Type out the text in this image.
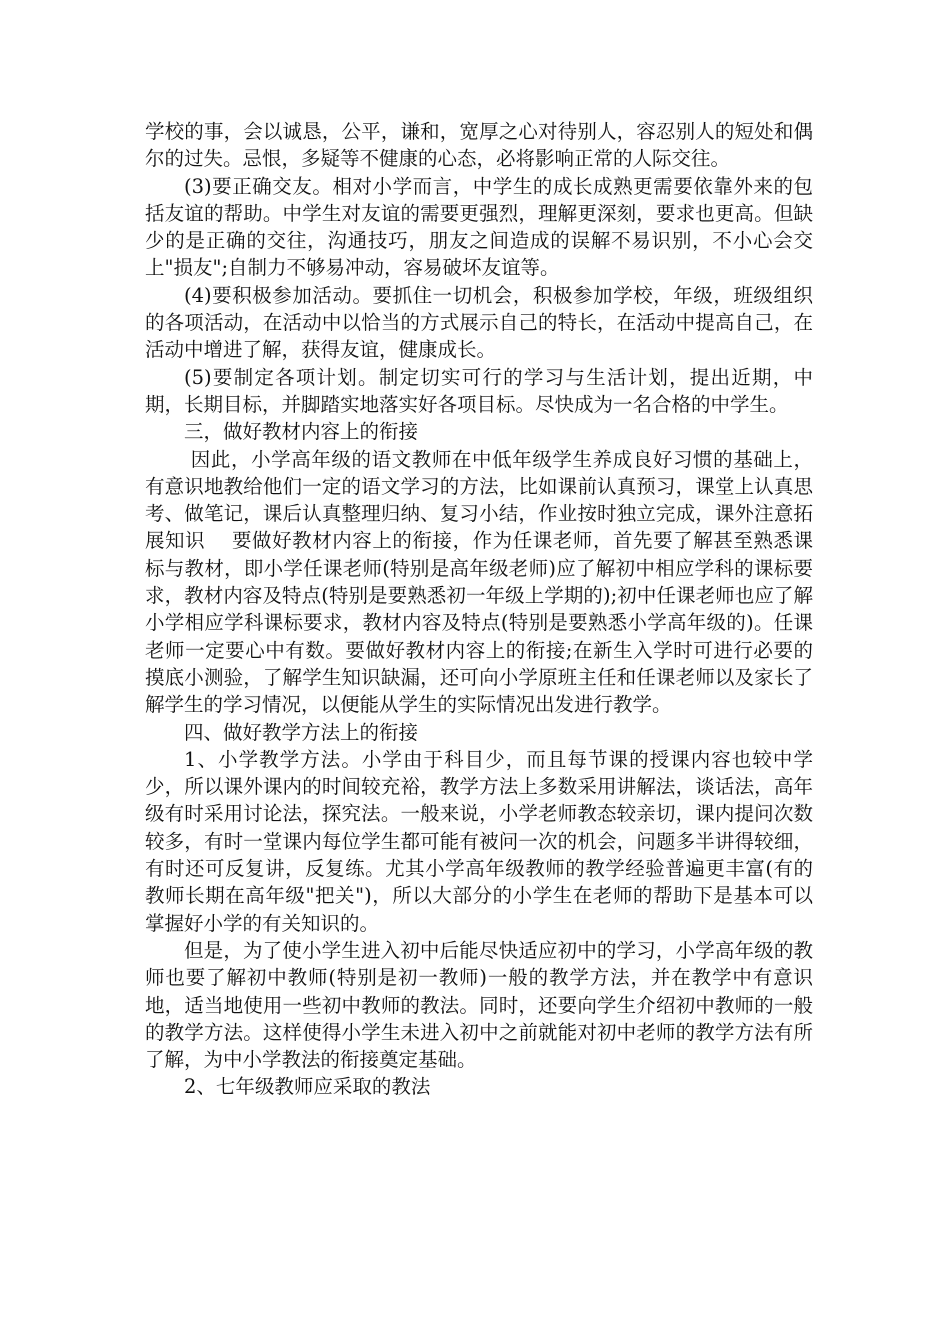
学校的事，会以诚恳，公平，谦和，宽厚之心对待别人，容忍别人的短处和偶尔的过失。忌恨，多疑等不健康的心态，必将影响正常的人际交往。

(3)要正确交友。相对小学而言，中学生的成长成熟更需要依靠外来的包括友谊的帮助。中学生对友谊的需要更强烈，理解更深刻，要求也更高。但缺少的是正确的交往，沟通技巧，朋友之间造成的误解不易识别，不小心会交上"损友";自制力不够易冲动，容易破坏友谊等。

(4)要积极参加活动。要抓住一切机会，积极参加学校，年级，班级组织的各项活动，在活动中以恰当的方式展示自己的特长，在活动中提高自己，在活动中增进了解，获得友谊，健康成长。

(5)要制定各项计划。制定切实可行的学习与生活计划，提出近期，中期，长期目标，并脚踏实地落实好各项目标。尽快成为一名合格的中学生。

三，做好教材内容上的衔接

因此，小学高年级的语文教师在中低年级学生养成良好习惯的基础上，有意识地教给他们一定的语文学习的方法，比如课前认真预习，课堂上认真思考、做笔记，课后认真整理归纳、复习小结，作业按时独立完成，课外注意拓展知识　 要做好教材内容上的衔接，作为任课老师，首先要了解甚至熟悉课标与教材，即小学任课老师(特别是高年级老师)应了解初中相应学科的课标要求，教材内容及特点(特别是要熟悉初一年级上学期的);初中任课老师也应了解小学相应学科课标要求，教材内容及特点(特别是要熟悉小学高年级的)。任课老师一定要心中有数。要做好教材内容上的衔接;在新生入学时可进行必要的摸底小测验，了解学生知识缺漏，还可向小学原班主任和任课老师以及家长了解学生的学习情况，以便能从学生的实际情况出发进行教学。

四、做好教学方法上的衔接

1、小学教学方法。小学由于科目少，而且每节课的授课内容也较中学少，所以课外课内的时间较充裕，教学方法上多数采用讲解法，谈话法，高年级有时采用讨论法，探究法。一般来说，小学老师教态较亲切，课内提问次数较多，有时一堂课内每位学生都可能有被问一次的机会，问题多半讲得较细，有时还可反复讲，反复练。尤其小学高年级教师的教学经验普遍更丰富(有的教师长期在高年级"把关")，所以大部分的小学生在老师的帮助下是基本可以掌握好小学的有关知识的。

但是，为了使小学生进入初中后能尽快适应初中的学习，小学高年级的教师也要了解初中教师(特别是初一教师)一般的教学方法，并在教学中有意识地，适当地使用一些初中教师的教法。同时，还要向学生介绍初中教师的一般的教学方法。这样使得小学生未进入初中之前就能对初中老师的教学方法有所了解，为中小学教法的衔接奠定基础。

2、七年级教师应采取的教法
